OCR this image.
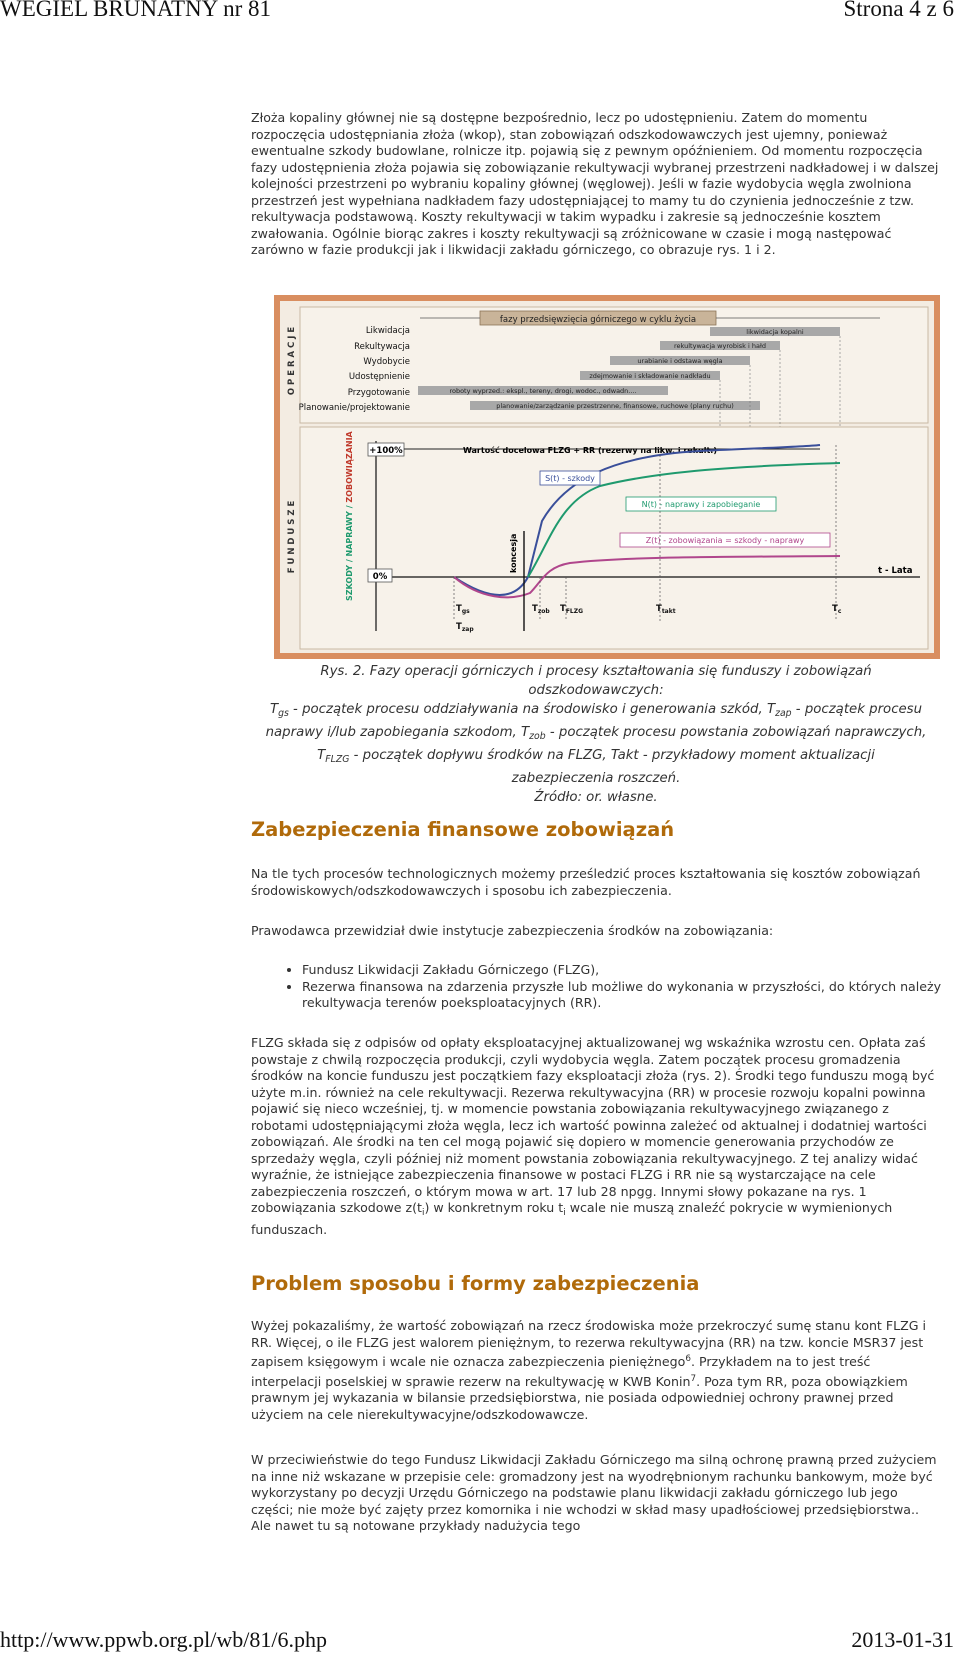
WEGIEL BRUNATNY nr 81	Strona 4 z 6

Złoża kopaliny głównej nie są dostępne bezpośrednio, lecz po udostępnieniu. Zatem do momentu rozpoczęcia udostępniania złoża (wkop), stan zobowiązań odszkodowawczych jest ujemny, ponieważ ewentualne szkody budowlane, rolnicze itp. pojawią się z pewnym opóźnieniem. Od momentu rozpoczęcia fazy udostępnienia złoża pojawia się zobowiązanie rekultywacji wybranej przestrzeni nadkładowej i w dalszej kolejności przestrzeni po wybraniu kopaliny głównej (węglowej). Jeśli w fazie wydobycia węgla zwolniona przestrzeń jest wypełniana nadkładem fazy udostępniającej to mamy tu do czynienia jednocześnie z tzw. rekultywacja podstawową. Koszty rekultywacji w takim wypadku i zakresie są jednocześnie kosztem zwałowania. Ogólnie biorąc zakres i koszty rekultywacji są zróżnicowane w czasie i mogą następować zarówno w fazie produkcji jak i likwidacji zakładu górniczego, co obrazuje rys. 1 i 2.

O P E R A C J E
fazy przedsięwzięcia górniczego w cyklu życia
Likwidacja
Rekultywacja
Wydobycie
Udostępnienie
Przygotowanie
Planowanie/projektowanie
likwidacja kopalni
rekultywacja wyrobisk i hałd
urabianie i odstawa węgla
zdejmowanie i składowanie nadkładu
roboty wyprzed.: ekspl., tereny, drogi, wodoc., odwadn....
planowanie/zarządzanie przestrzenne, finansowe, ruchowe (plany ruchu)
F U N D U S Z E	SZKODY / NAPRAWY / ZOBOWIĄZANIA +100%	Wartość docelowa FLZG + RR (rezerwy na likw. i rekult.)
0%
koncesja
S(t) - szkody
N(t) - naprawy i zapobieganie
Z(t) - zobowiązania = szkody - naprawy
t - Lata
$T_{gs}$
$T_{zap}$
$T_{zob}$ $T_{FLZG}$	$T_{takt}$	$T_c$
Rys. 2. Fazy operacji górniczych i procesy kształtowania się funduszy i zobowiązań
odszkodowawczych:
$T_{gs}$ - początek procesu oddziaływania na środowisko i generowania szkód, $T_{zap}$ - początek procesu
naprawy i/lub zapobiegania szkodom, $T_{zob}$ - początek procesu powstania zobowiązań naprawczych,
$T_{FLZG}$ - początek dopływu środków na FLZG, Takt - przykładowy moment aktualizacji
zabezpieczenia roszczeń.
Źródło: or. własne.
Zabezpieczenia finansowe zobowiązań

Na tle tych procesów technologicznych możemy prześledzić proces kształtowania się kosztów zobowiązań środowiskowych/odszkodowawczych i sposobu ich zabezpieczenia.

Prawodawca przewidział dwie instytucje zabezpieczenia środków na zobowiązania:

• Fundusz Likwidacji Zakładu Górniczego (FLZG),
• Rezerwa finansowa na zdarzenia przyszłe lub możliwe do wykonania w przyszłości, do których należy rekultywacja terenów poeksploatacyjnych (RR).

FLZG składa się z odpisów od opłaty eksploatacyjnej aktualizowanej wg wskaźnika wzrostu cen. Opłata zaś powstaje z chwilą rozpoczęcia produkcji, czyli wydobycia węgla. Zatem początek procesu gromadzenia środków na koncie funduszu jest początkiem fazy eksploatacji złoża (rys. 2). Środki tego funduszu mogą być użyte m.in. również na cele rekultywacji. Rezerwa rekultywacyjna (RR) w procesie rozwoju kopalni powinna pojawić się nieco wcześniej, tj. w momencie powstania zobowiązania rekultywacyjnego związanego z robotami udostępniającymi złoża węgla, lecz ich wartość powinna zależeć od aktualnej i dodatniej wartości zobowiązań. Ale środki na ten cel mogą pojawić się dopiero w momencie generowania przychodów ze sprzedaży węgla, czyli później niż moment powstania zobowiązania rekultywacyjnego. Z tej analizy widać wyraźnie, że istniejące zabezpieczenia finansowe w postaci FLZG i RR nie są wystarczające na cele zabezpieczenia roszczeń, o którym mowa w art. 17 lub 28 npgg. Innymi słowy pokazane na rys. 1 zobowiązania szkodowe $z(t_i)$ w konkretnym roku $t_i$ wcale nie muszą znaleźć pokrycie w wymienionych funduszach.

Problem sposobu i formy zabezpieczenia

Wyżej pokazaliśmy, że wartość zobowiązań na rzecz środowiska może przekroczyć sumę stanu kont FLZG i RR. Więcej, o ile FLZG jest walorem pieniężnym, to rezerwa rekultywacyjna (RR) na tzw. koncie MSR37 jest zapisem księgowym i wcale nie oznacza zabezpieczenia pieniężnego$^6$. Przykładem na to jest treść interpelacji poselskiej w sprawie rezerw na rekultywację w KWB Konin$^7$. Poza tym RR, poza obowiązkiem prawnym jej wykazania w bilansie przedsiębiorstwa, nie posiada odpowiedniej ochrony prawnej przed użyciem na cele nierekultywacyjne/odszkodowawcze.

W przeciwieństwie do tego Fundusz Likwidacji Zakładu Górniczego ma silną ochronę prawną przed zużyciem na inne niż wskazane w przepisie cele: gromadzony jest na wyodrębnionym rachunku bankowym, może być wykorzystany po decyzji Urzędu Górniczego na podstawie planu likwidacji zakładu górniczego lub jego części; nie może być zajęty przez komornika i nie wchodzi w skład masy upadłościowej przedsiębiorstwa.. Ale nawet tu są notowane przykłady nadużycia tego

http://www.ppwb.org.pl/wb/81/6.php	2013-01-31
